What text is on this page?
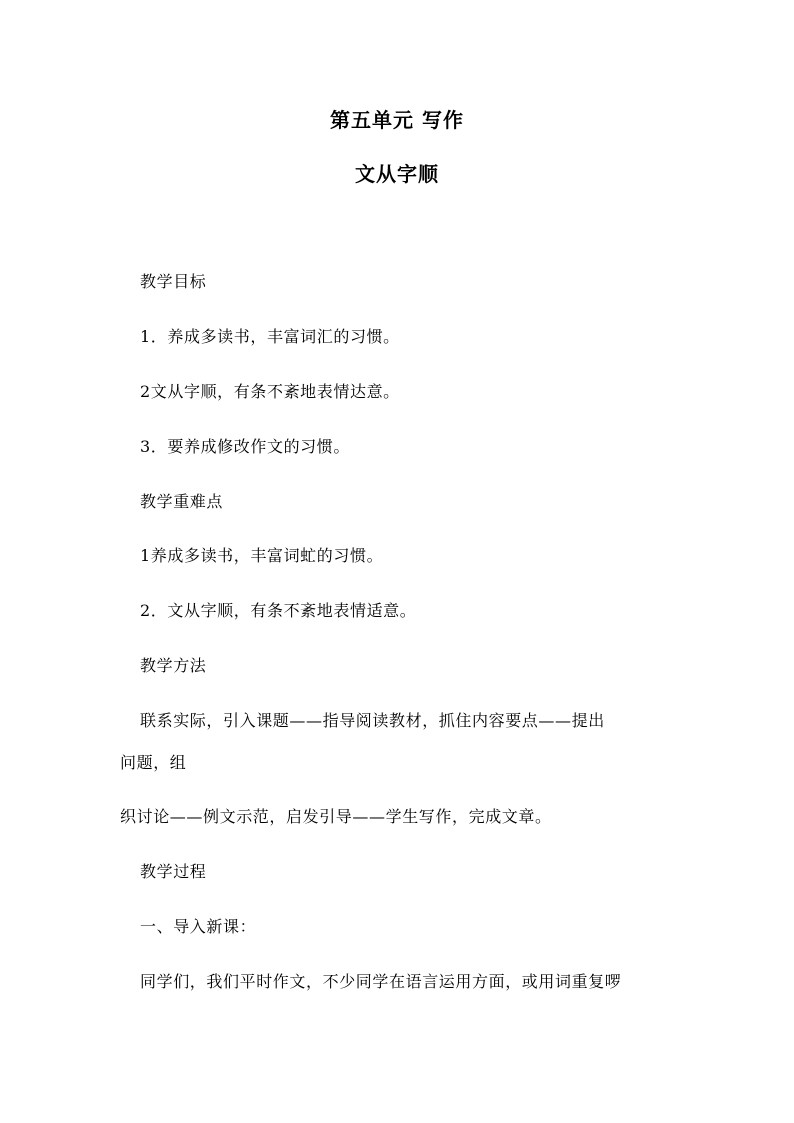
第五单元 写作
文从字顺
教学目标
1．养成多读书，丰富词汇的习惯。
2文从字顺，有条不紊地表情达意。
3．要养成修改作文的习惯。
教学重难点
1养成多读书，丰富词虻的习惯。
2．文从字顺，有条不紊地表情适意。
教学方法
联系实际，引入课题——指导阅读教材，抓住内容要点——提出
问题，组
织讨论——例文示范，启发引导——学生写作，完成文章。
教学过程
一、导入新课：
同学们，我们平时作文，不少同学在语言运用方面，或用词重复啰
